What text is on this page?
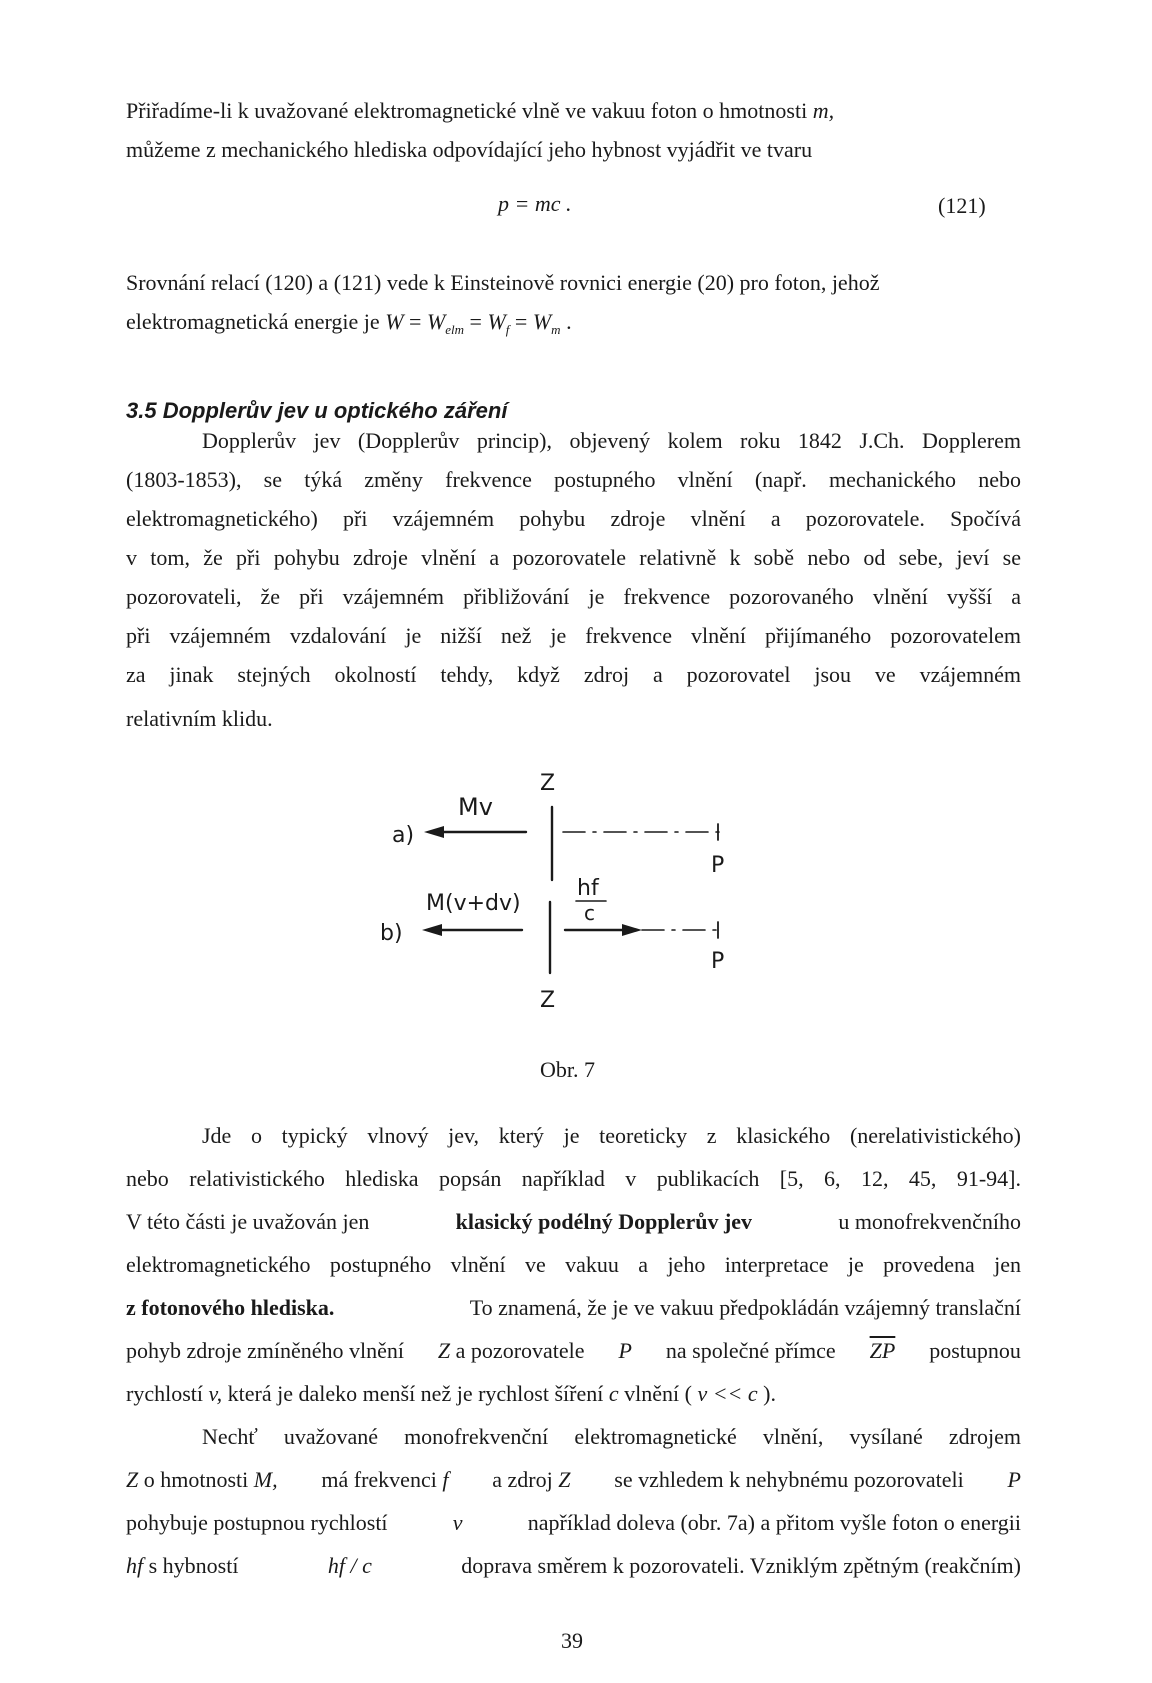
Přiřadíme-li k uvažované elektromagnetické vlně ve vakuu foton o hmotnosti m,
můžeme z mechanického hlediska odpovídající jeho hybnost vyjádřit ve tvaru
p = mc .	(121)
Srovnání relací (120) a (121) vede k Einsteinově rovnici energie (20) pro foton, jehož
elektromagnetická energie je $W = W_{elm} = W_f = W_m$ .
3.5 Dopplerův jev u optického záření
Dopplerův jev (Dopplerův princip), objevený kolem roku 1842 J.Ch. Dopplerem
(1803-1853), se týká změny frekvence postupného vlnění (např. mechanického nebo
elektromagnetického) při vzájemném pohybu zdroje vlnění a pozorovatele. Spočívá
v tom, že při pohybu zdroje vlnění a pozorovatele relativně k sobě nebo od sebe, jeví se
pozorovateli, že při vzájemném přibližování je frekvence pozorovaného vlnění vyšší a
při vzájemném vzdalování je nižší než je frekvence vlnění přijímaného pozorovatelem
za jinak stejných okolností tehdy, když zdroj a pozorovatel jsou ve vzájemném
relativním klidu.
a)
b)
Mv
M(v+dv)
Z
Z
P
P
hf
c
Obr. 7
Jde o typický vlnový jev, který je teoreticky z klasického (nerelativistického)
nebo relativistického hlediska popsán například v publikacích [5, 6, 12, 45, 91-94].
V této části je uvažován jen	klasický podélný Dopplerův jev	u monofrekvenčního
elektromagnetického postupného vlnění ve vakuu a jeho interpretace je provedena jen
z fotonového hlediska.	To znamená, že je ve vakuu předpokládán vzájemný translační
pohyb zdroje zmíněného vlnění Z a pozorovatele P na společné přímce $\overline{ZP}$ postupnou
rychlostí v, která je daleko menší než je rychlost šíření c vlnění ( v << c ).
Nechť uvažované monofrekvenční elektromagnetické vlnění, vysílané zdrojem
Z o hmotnosti M, má frekvenci f a zdroj Z se vzhledem k nehybnému pozorovateli P
pohybuje postupnou rychlostí	v	například doleva (obr. 7a) a přitom vyšle foton o energii
hf s hybností	hf / c	doprava směrem k pozorovateli. Vzniklým zpětným (reakčním)
39
